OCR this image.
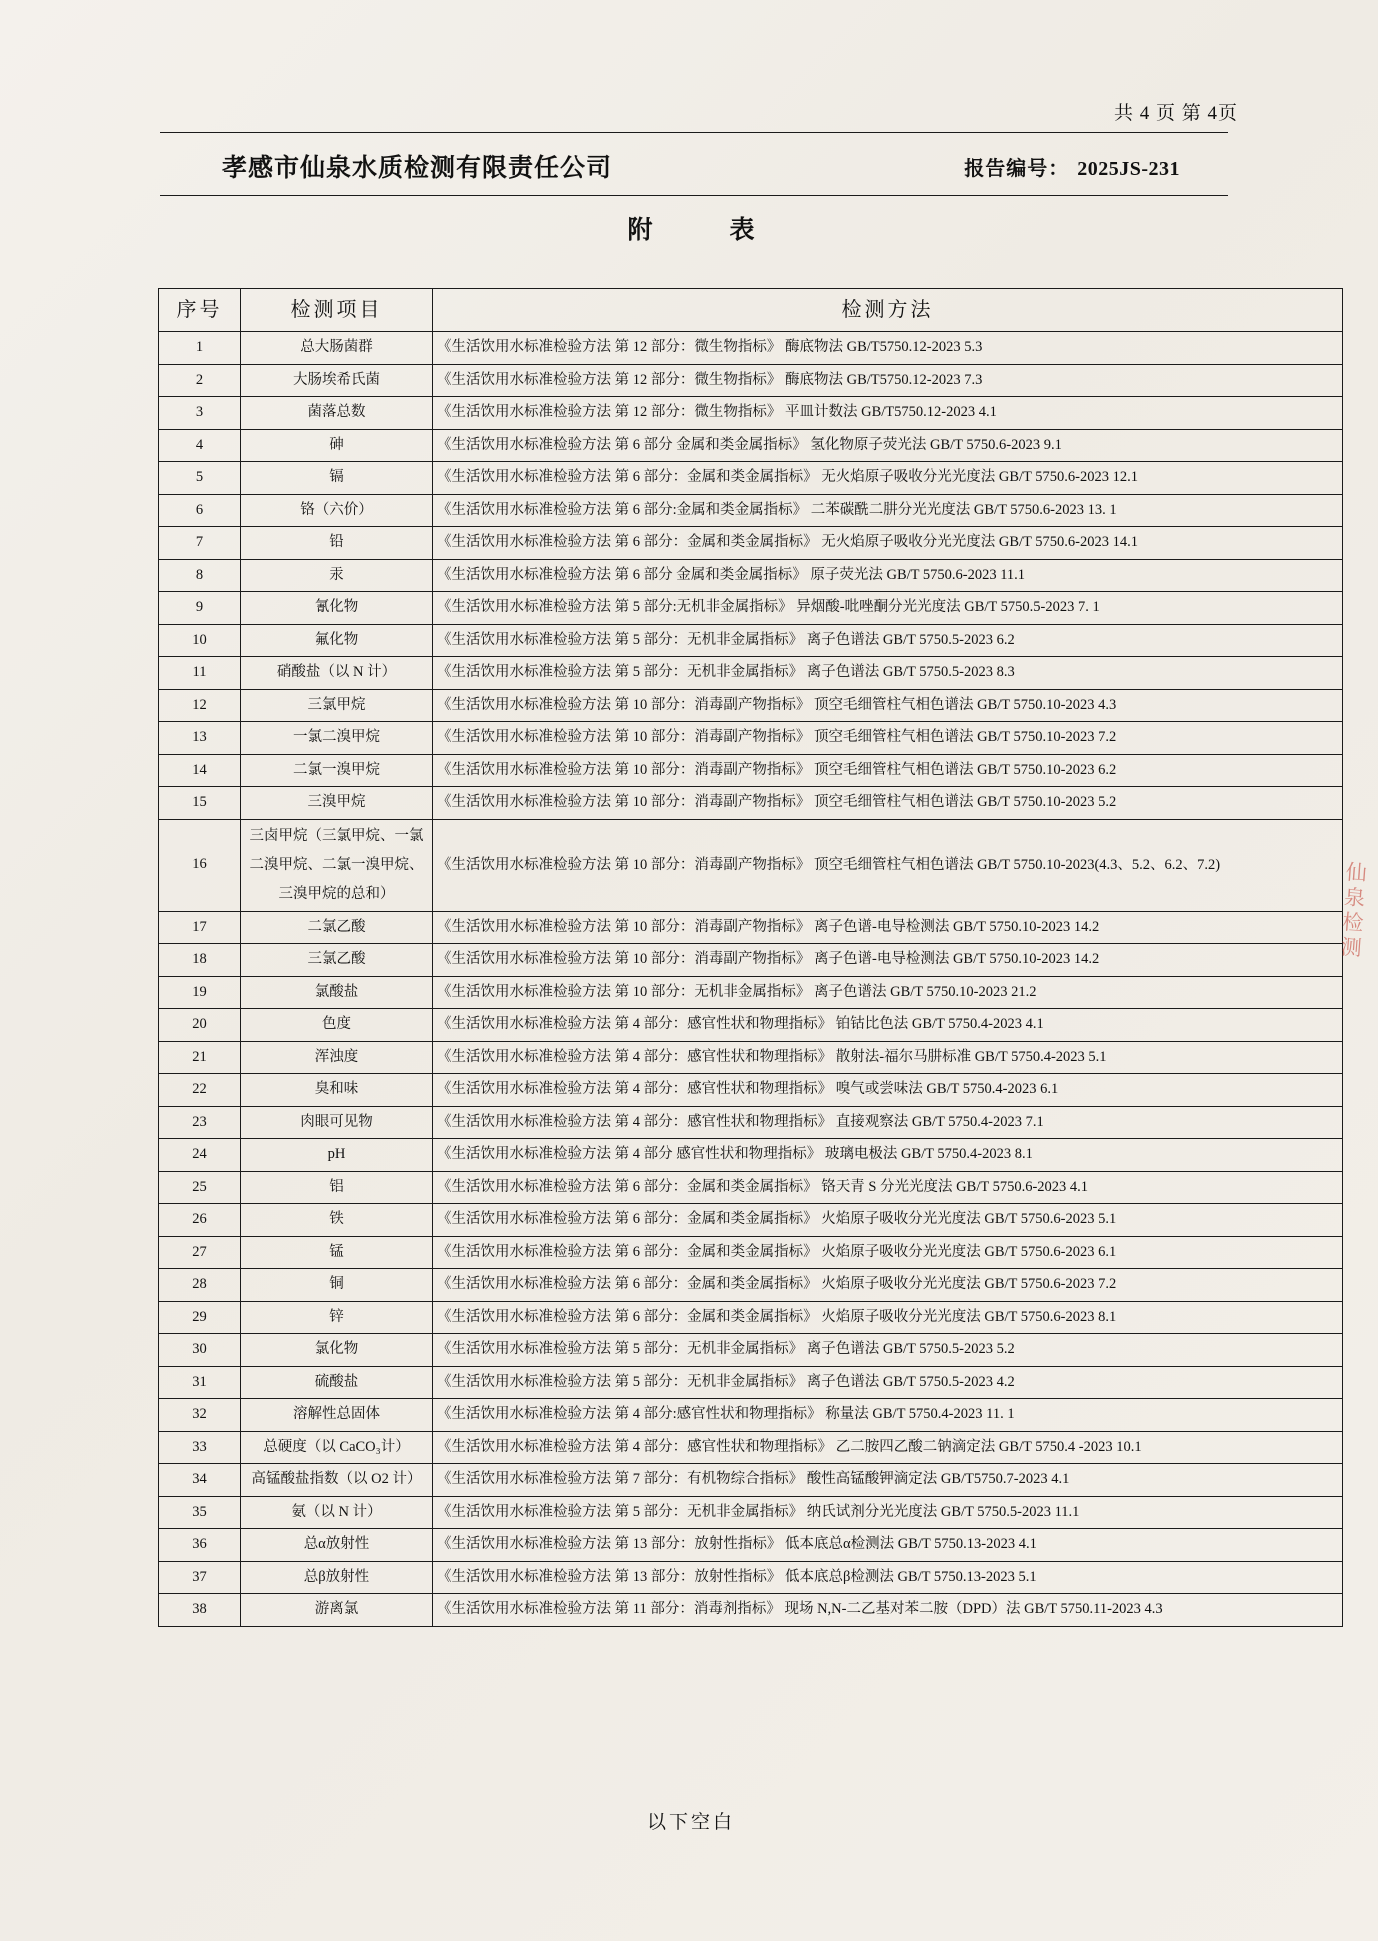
共 4 页 第 4页
孝感市仙泉水质检测有限责任公司	报告编号： 2025JS-231
附　表
序号	检测项目	检测方法
1	总大肠菌群	《生活饮用水标准检验方法 第 12 部分：微生物指标》 酶底物法 GB/T5750.12-2023 5.3
2	大肠埃希氏菌	《生活饮用水标准检验方法 第 12 部分：微生物指标》 酶底物法 GB/T5750.12-2023 7.3
3	菌落总数	《生活饮用水标准检验方法 第 12 部分：微生物指标》 平皿计数法 GB/T5750.12-2023 4.1
4	砷	《生活饮用水标准检验方法 第 6 部分 金属和类金属指标》 氢化物原子荧光法 GB/T 5750.6-2023 9.1
5	镉	《生活饮用水标准检验方法 第 6 部分：金属和类金属指标》 无火焰原子吸收分光光度法 GB/T 5750.6-2023 12.1
6	铬（六价）	《生活饮用水标准检验方法 第 6 部分:金属和类金属指标》 二苯碳酰二肼分光光度法 GB/T 5750.6-2023 13. 1
7	铅	《生活饮用水标准检验方法 第 6 部分：金属和类金属指标》 无火焰原子吸收分光光度法 GB/T 5750.6-2023 14.1
8	汞	《生活饮用水标准检验方法 第 6 部分 金属和类金属指标》 原子荧光法 GB/T 5750.6-2023 11.1
9	氰化物	《生活饮用水标准检验方法 第 5 部分:无机非金属指标》 异烟酸-吡唑酮分光光度法 GB/T 5750.5-2023 7. 1
10	氟化物	《生活饮用水标准检验方法 第 5 部分：无机非金属指标》 离子色谱法 GB/T 5750.5-2023 6.2
11	硝酸盐（以 N 计）	《生活饮用水标准检验方法 第 5 部分：无机非金属指标》 离子色谱法 GB/T 5750.5-2023 8.3
12	三氯甲烷	《生活饮用水标准检验方法 第 10 部分：消毒副产物指标》 顶空毛细管柱气相色谱法 GB/T 5750.10-2023 4.3
13	一氯二溴甲烷	《生活饮用水标准检验方法 第 10 部分：消毒副产物指标》 顶空毛细管柱气相色谱法 GB/T 5750.10-2023 7.2
14	二氯一溴甲烷	《生活饮用水标准检验方法 第 10 部分：消毒副产物指标》 顶空毛细管柱气相色谱法 GB/T 5750.10-2023 6.2
15	三溴甲烷	《生活饮用水标准检验方法 第 10 部分：消毒副产物指标》 顶空毛细管柱气相色谱法 GB/T 5750.10-2023 5.2
16	三卤甲烷（三氯甲烷、一氯二溴甲烷、二氯一溴甲烷、三溴甲烷的总和）	《生活饮用水标准检验方法 第 10 部分：消毒副产物指标》 顶空毛细管柱气相色谱法 GB/T 5750.10-2023(4.3、5.2、6.2、7.2)
17	二氯乙酸	《生活饮用水标准检验方法 第 10 部分：消毒副产物指标》 离子色谱-电导检测法 GB/T 5750.10-2023 14.2
18	三氯乙酸	《生活饮用水标准检验方法 第 10 部分：消毒副产物指标》 离子色谱-电导检测法 GB/T 5750.10-2023 14.2
19	氯酸盐	《生活饮用水标准检验方法 第 10 部分：无机非金属指标》 离子色谱法 GB/T 5750.10-2023 21.2
20	色度	《生活饮用水标准检验方法 第 4 部分：感官性状和物理指标》 铂钴比色法 GB/T 5750.4-2023 4.1
21	浑浊度	《生活饮用水标准检验方法 第 4 部分：感官性状和物理指标》 散射法-福尔马肼标准 GB/T 5750.4-2023 5.1
22	臭和味	《生活饮用水标准检验方法 第 4 部分：感官性状和物理指标》 嗅气或尝味法 GB/T 5750.4-2023 6.1
23	肉眼可见物	《生活饮用水标准检验方法 第 4 部分：感官性状和物理指标》 直接观察法 GB/T 5750.4-2023 7.1
24	pH	《生活饮用水标准检验方法 第 4 部分 感官性状和物理指标》 玻璃电极法 GB/T 5750.4-2023 8.1
25	铝	《生活饮用水标准检验方法 第 6 部分：金属和类金属指标》 铬天青 S 分光光度法 GB/T 5750.6-2023 4.1
26	铁	《生活饮用水标准检验方法 第 6 部分：金属和类金属指标》 火焰原子吸收分光光度法 GB/T 5750.6-2023 5.1
27	锰	《生活饮用水标准检验方法 第 6 部分：金属和类金属指标》 火焰原子吸收分光光度法 GB/T 5750.6-2023 6.1
28	铜	《生活饮用水标准检验方法 第 6 部分：金属和类金属指标》 火焰原子吸收分光光度法 GB/T 5750.6-2023 7.2
29	锌	《生活饮用水标准检验方法 第 6 部分：金属和类金属指标》 火焰原子吸收分光光度法 GB/T 5750.6-2023 8.1
30	氯化物	《生活饮用水标准检验方法 第 5 部分：无机非金属指标》 离子色谱法 GB/T 5750.5-2023 5.2
31	硫酸盐	《生活饮用水标准检验方法 第 5 部分：无机非金属指标》 离子色谱法 GB/T 5750.5-2023 4.2
32	溶解性总固体	《生活饮用水标准检验方法 第 4 部分:感官性状和物理指标》 称量法 GB/T 5750.4-2023 11. 1
33	总硬度（以 CaCO₃计）	《生活饮用水标准检验方法 第 4 部分：感官性状和物理指标》 乙二胺四乙酸二钠滴定法 GB/T 5750.4 -2023 10.1
34	高锰酸盐指数（以 O2 计）	《生活饮用水标准检验方法 第 7 部分：有机物综合指标》 酸性高锰酸钾滴定法 GB/T5750.7-2023 4.1
35	氨（以 N 计）	《生活饮用水标准检验方法 第 5 部分：无机非金属指标》 纳氏试剂分光光度法 GB/T 5750.5-2023 11.1
36	总α放射性	《生活饮用水标准检验方法 第 13 部分：放射性指标》 低本底总α检测法 GB/T 5750.13-2023 4.1
37	总β放射性	《生活饮用水标准检验方法 第 13 部分：放射性指标》 低本底总β检测法 GB/T 5750.13-2023 5.1
38	游离氯	《生活饮用水标准检验方法 第 11 部分：消毒剂指标》 现场 N,N-二乙基对苯二胺（DPD）法 GB/T 5750.11-2023 4.3
以下空白
仙泉检测
